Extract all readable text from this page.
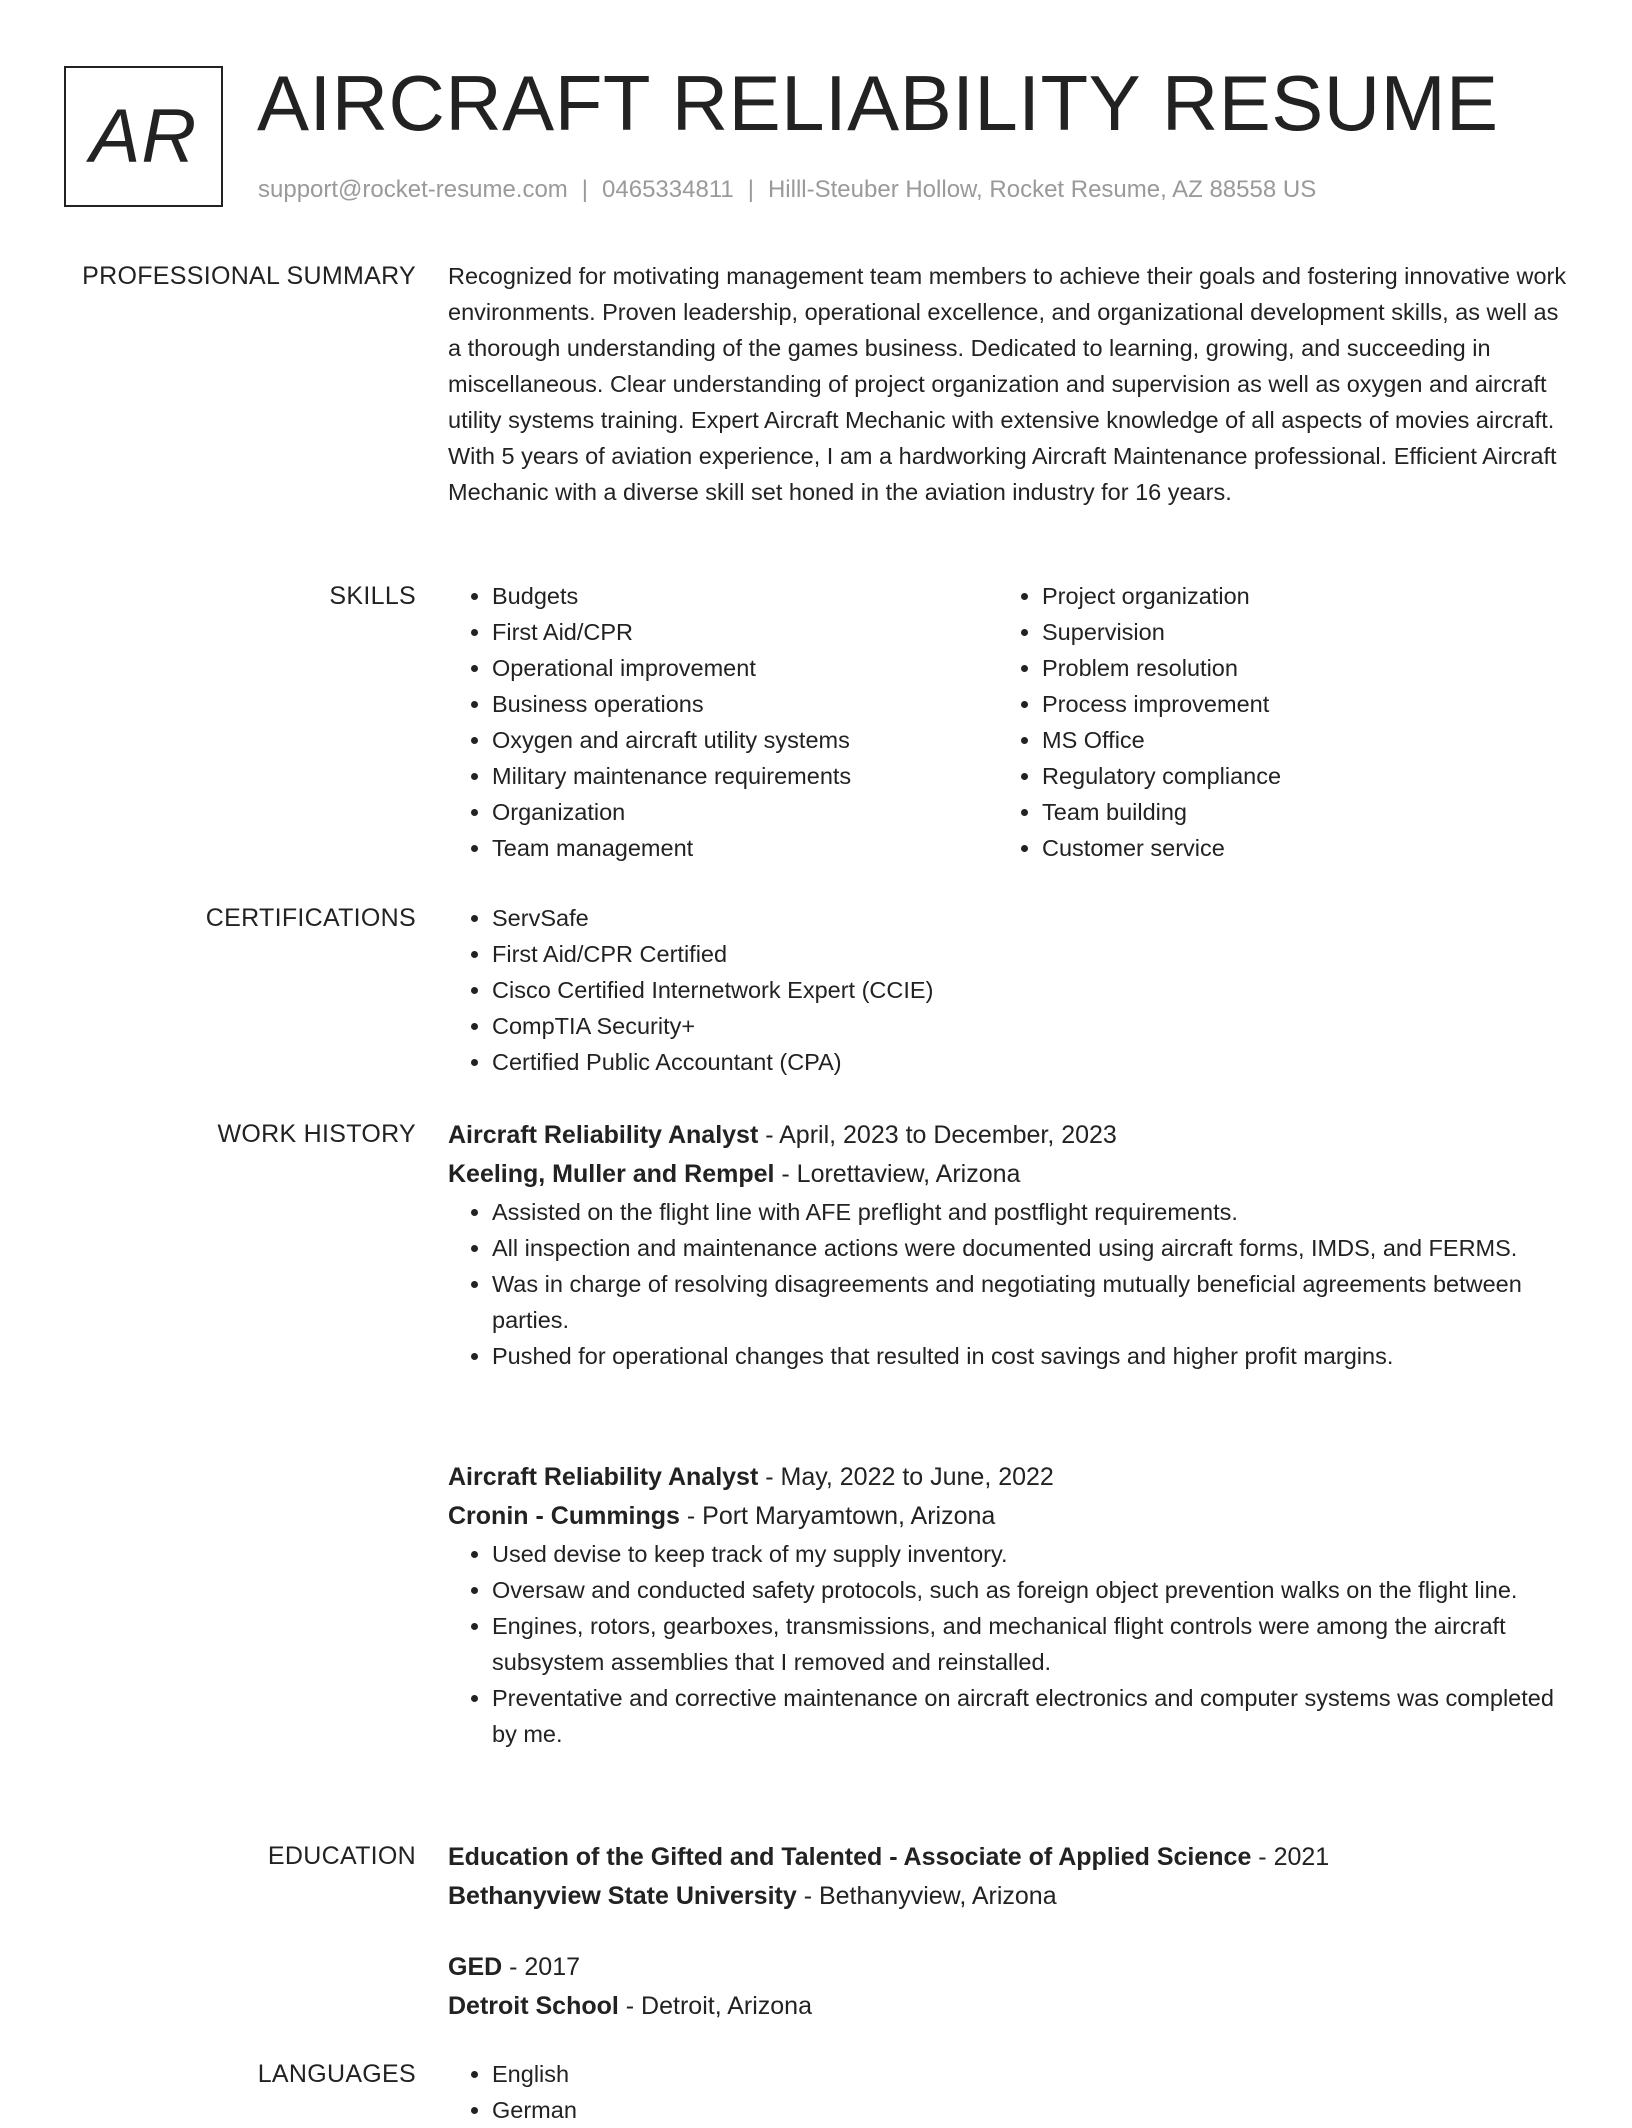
AR AIRCRAFT RELIABILITY RESUME
support@rocket-resume.com | 0465334811 | Hilll-Steuber Hollow, Rocket Resume, AZ 88558 US
PROFESSIONAL SUMMARY Recognized for motivating management team members to achieve their goals and fostering innovative work environments. Proven leadership, operational excellence, and organizational development skills, as well as a thorough understanding of the games business. Dedicated to learning, growing, and succeeding in miscellaneous. Clear understanding of project organization and supervision as well as oxygen and aircraft utility systems training. Expert Aircraft Mechanic with extensive knowledge of all aspects of movies aircraft. With 5 years of aviation experience, I am a hardworking Aircraft Maintenance professional. Efficient Aircraft Mechanic with a diverse skill set honed in the aviation industry for 16 years.

SKILLS	• Budgets
• First Aid/CPR
• Operational improvement
• Business operations
• Oxygen and aircraft utility systems
• Military maintenance requirements
• Organization
• Team management
• Project organization
• Supervision
• Problem resolution
• Process improvement
• MS Office
• Regulatory compliance
• Team building
• Customer service
CERTIFICATIONS	• ServSafe
• First Aid/CPR Certified
• Cisco Certified Internetwork Expert (CCIE)
• CompTIA Security+
• Certified Public Accountant (CPA)
WORK HISTORY Aircraft Reliability Analyst - April, 2023 to December, 2023

Keeling, Muller and Rempel - Lorettaview, Arizona

• Assisted on the flight line with AFE preflight and postflight requirements.
• All inspection and maintenance actions were documented using aircraft forms, IMDS, and FERMS.
• Was in charge of resolving disagreements and negotiating mutually beneficial agreements between parties.
• Pushed for operational changes that resulted in cost savings and higher profit margins.

Aircraft Reliability Analyst - May, 2022 to June, 2022

Cronin - Cummings - Port Maryamtown, Arizona

• Used devise to keep track of my supply inventory.
• Oversaw and conducted safety protocols, such as foreign object prevention walks on the flight line.
• Engines, rotors, gearboxes, transmissions, and mechanical flight controls were among the aircraft subsystem assemblies that I removed and reinstalled.
• Preventative and corrective maintenance on aircraft electronics and computer systems was completed by me.
EDUCATION Education of the Gifted and Talented - Associate of Applied Science - 2021

Bethanyview State University - Bethanyview, Arizona

GED - 2017

Detroit School - Detroit, Arizona

LANGUAGES	• English
• German
